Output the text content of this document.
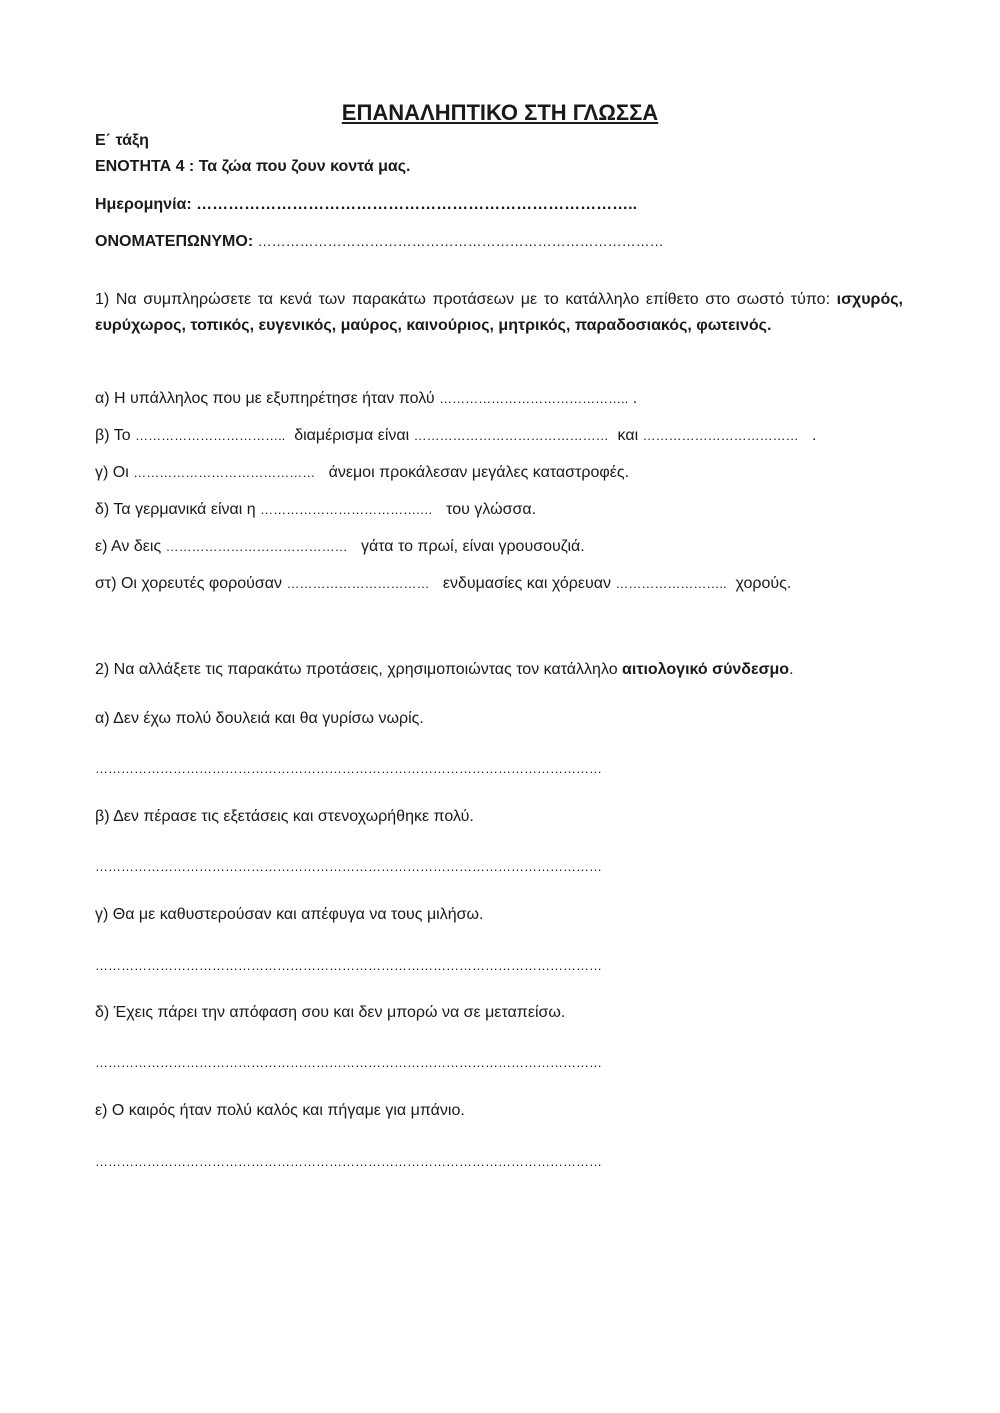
ΕΠΑΝΑΛΗΠΤΙΚΟ ΣΤΗ ΓΛΩΣΣΑ
Ε΄ τάξη
ΕΝΟΤΗΤΑ 4 : Τα ζώα που ζουν κοντά μας.
Ημερομηνία: ………………………………………………………………………..
ΟΝΟΜΑΤΕΠΩΝΥΜΟ: ……………………………………………………………………………
1) Να συμπληρώσετε τα κενά των παρακάτω προτάσεων με το κατάλληλο επίθετο στο σωστό τύπο: ισχυρός, ευρύχωρος, τοπικός, ευγενικός, μαύρος, καινούριος, μητρικός, παραδοσιακός, φωτεινός.
α) Η υπάλληλος που με εξυπηρέτησε ήταν πολύ …………………………………….. .
β) Το …………………………….. διαμέρισμα είναι ……………………………………… και ……………………………… .
γ) Οι …………………………………… άνεμοι προκάλεσαν μεγάλες καταστροφές.
δ) Τα γερμανικά είναι η ……………………………….… του γλώσσα.
ε) Αν δεις …………………………………… γάτα το πρωί, είναι γρουσουζιά.
στ) Οι χορευτές φορούσαν …………………………… ενδυμασίες και χόρευαν …………………….. χορούς.
2) Να αλλάξετε τις παρακάτω προτάσεις, χρησιμοποιώντας τον κατάλληλο αιτιολογικό σύνδεσμο.
α) Δεν έχω πολύ δουλειά και θα γυρίσω νωρίς.
………………………………………………………………………………………………………
β) Δεν πέρασε τις εξετάσεις και στενοχωρήθηκε πολύ.
………………………………………………………………………………………………………
γ) Θα με καθυστερούσαν και απέφυγα να τους μιλήσω.
………………………………………………………………………………………………………
δ) Έχεις πάρει την απόφαση σου και δεν μπορώ να σε μεταπείσω.
………………………………………………………………………………………………………
ε) Ο καιρός ήταν πολύ καλός και πήγαμε για μπάνιο.
………………………………………………………………………………………………………
